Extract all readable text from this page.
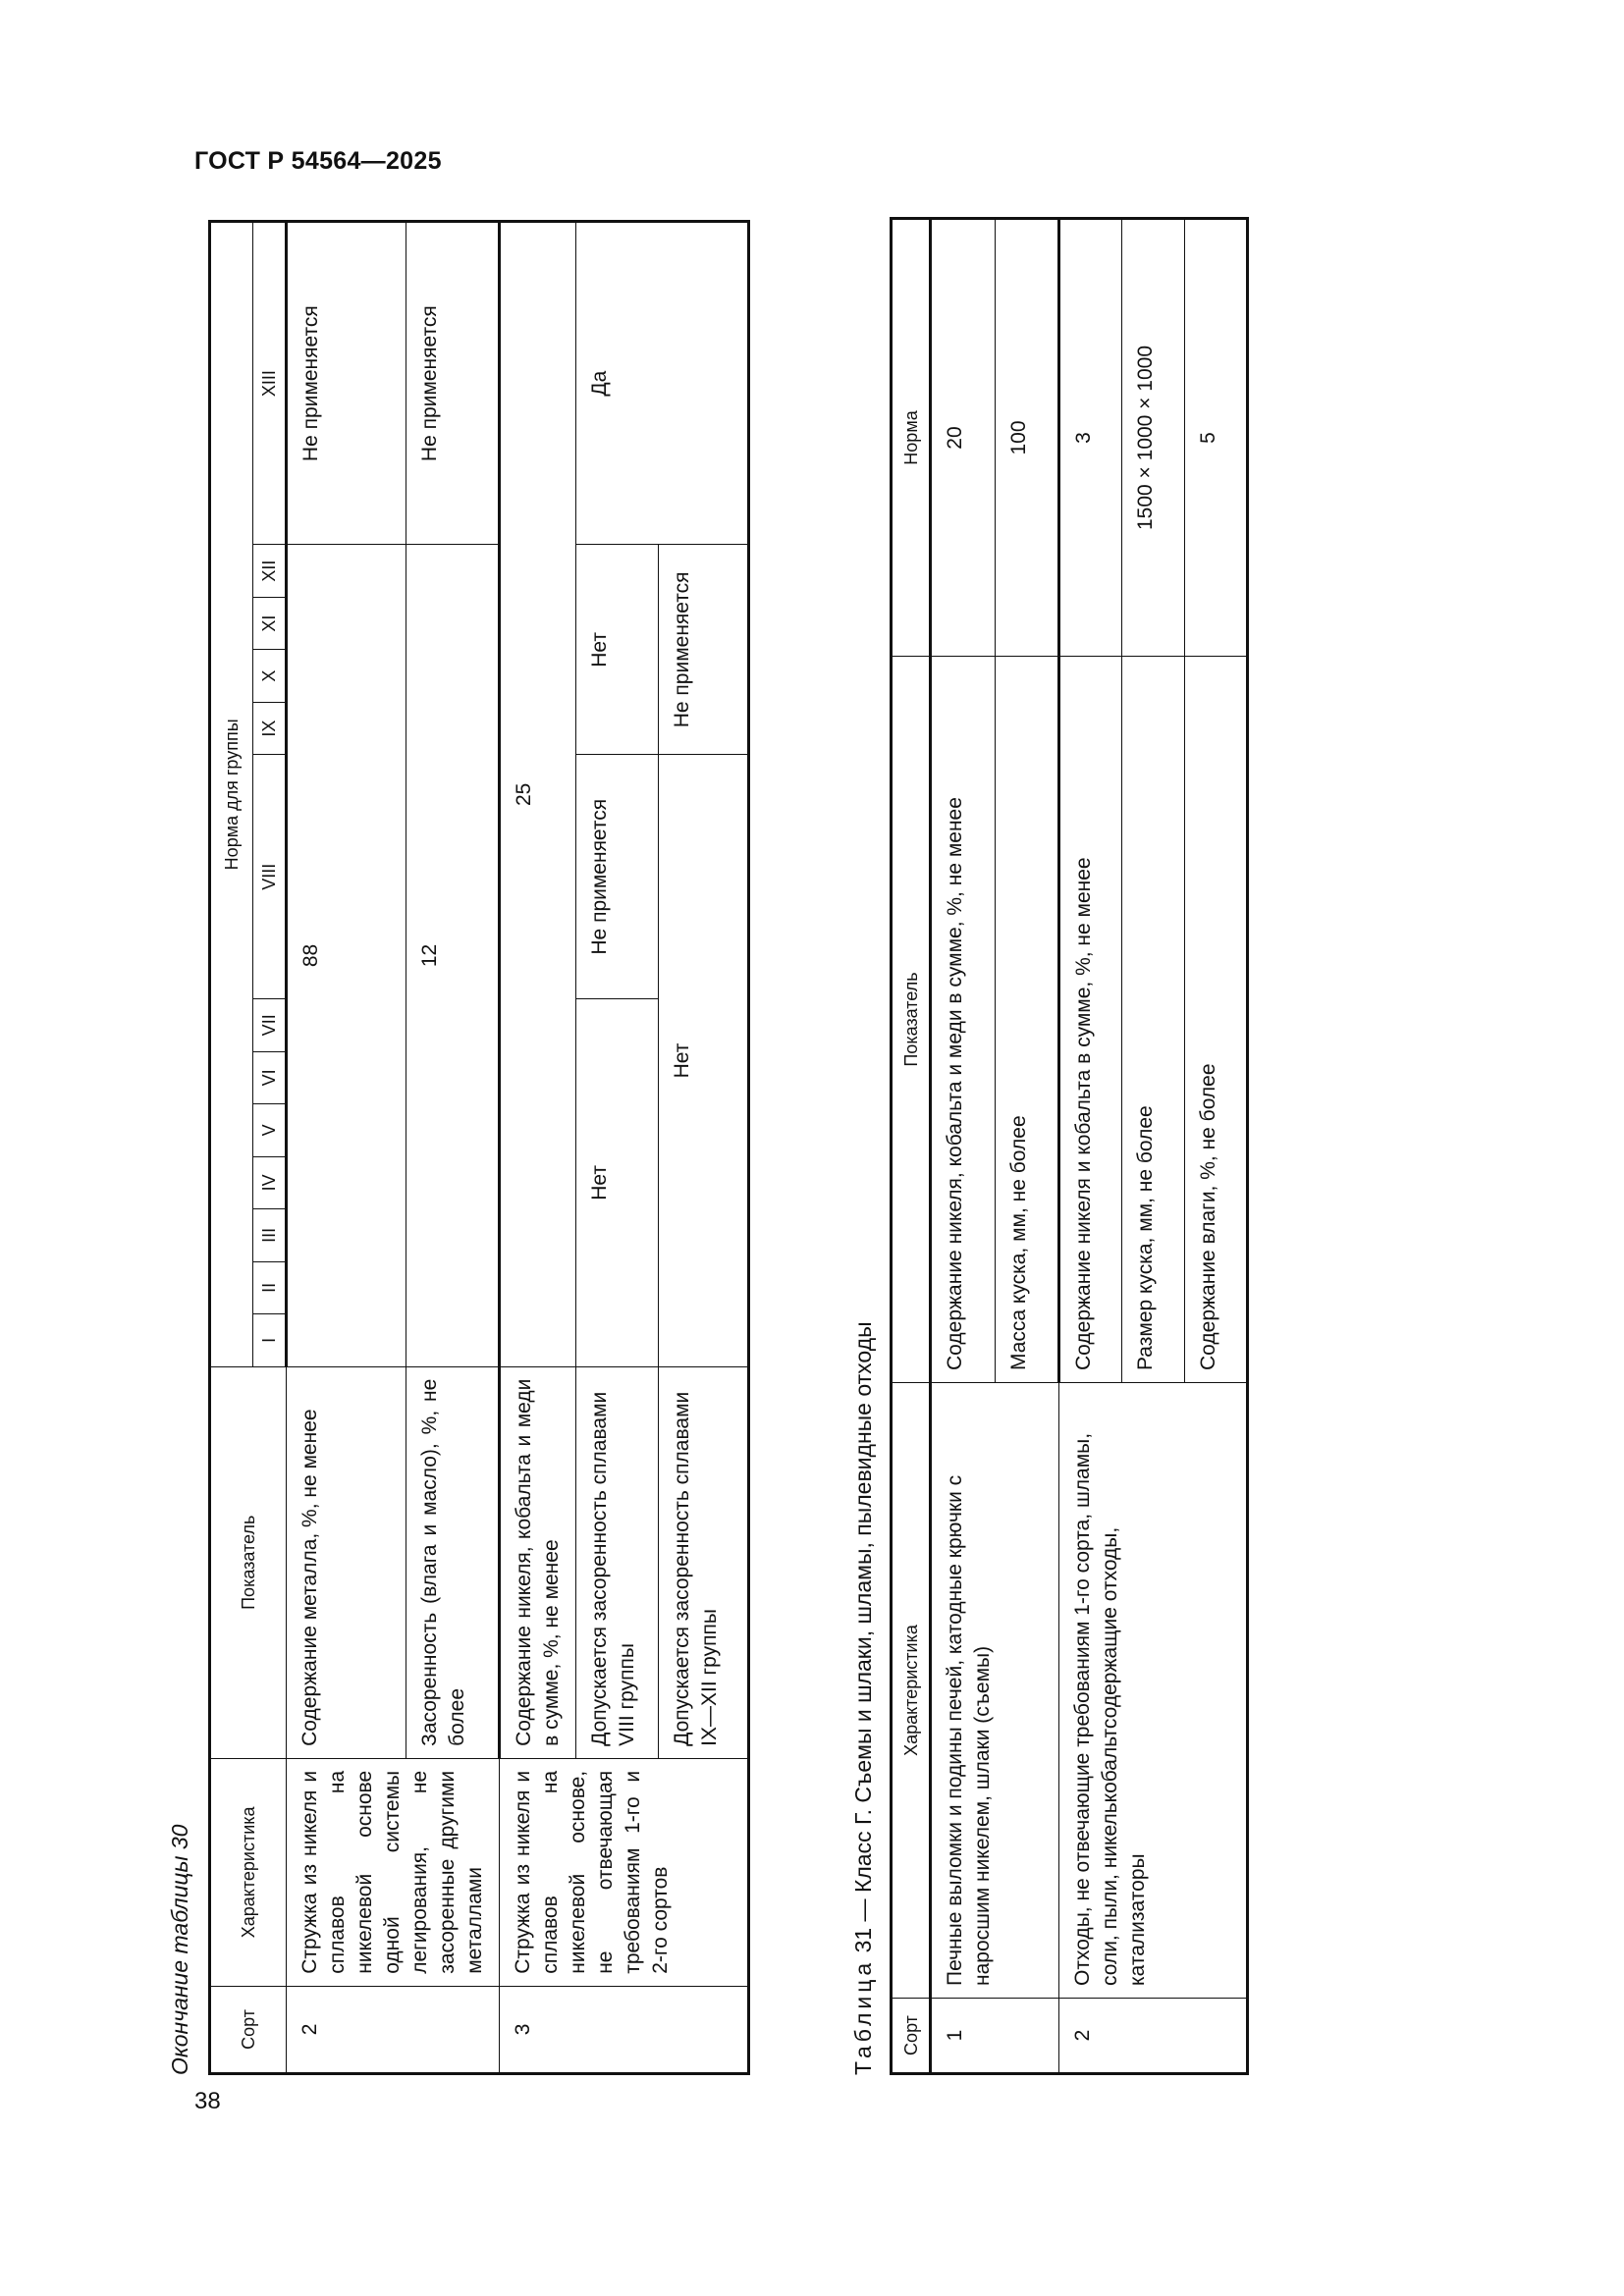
ГОСТ Р 54564—2025
38
Окончание таблицы 30	Сорт	Характеристика	Показатель	Норма для группы												
			I	II	III	IV	V	VI	VII	VIII	IX	X	XI	XII	XIII
2	Стружка из никеля и сплавов на никелевой основе одной системы легирования, не засоренные другими металлами	Содержание металла, %, не менее	88												Не применяется
		Засоренность (влага и масло), %, не более	12												Не применяется
3	Стружка из никеля и сплавов на никелевой основе, не отвечающая требованиям 1-го и 2-го сортов	Содержание никеля, кобальта и меди в сумме, %, не менее	25												
		Допускается засоренность сплавами VIII группы	Нет							Не применяется	Нет				Да
		Допускается засоренность сплавами IX—XII группы	Нет								Не применяется				
Таблица 31 — Класс Г. Съемы и шлаки, шламы, пылевидные отходы
Сорт	Характеристика	Показатель	Норма
1	Печные выломки и подины печей, катодные крючки с наросшим никелем, шлаки (съемы)	Содержание никеля, кобальта и меди в сумме, %, не менее	20
		Масса куска, мм, не более	100
2	Отходы, не отвечающие требованиям 1-го сорта, шламы, соли, пыли, никелькобальтсодержащие отходы, катализаторы	Содержание никеля и кобальта в сумме, %, не менее	3
		Размер куска, мм, не более	1500 × 1000 × 1000
		Содержание влаги, %, не более	5
